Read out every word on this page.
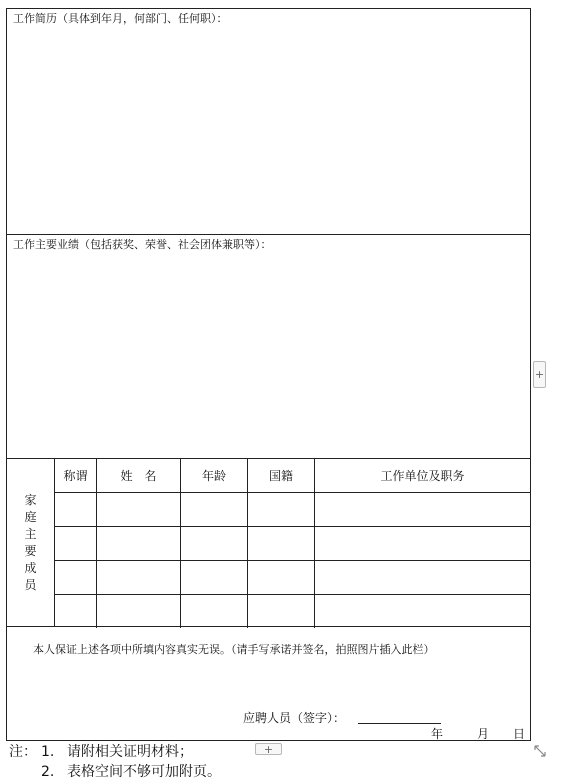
工作简历（具体到年月，何部门、任何职）：
工作主要业绩（包括获奖、荣誉、社会团体兼职等）：
家庭主要成员
称谓	姓　名	年龄	国籍	工作单位及职务
本人保证上述各项中所填内容真实无误。（请手写承诺并签名，拍照图片插入此栏）
应聘人员（签字）：
年	月 日
注： 1. 请附相关证明材料；
2. 表格空间不够可加附页。
+
+
